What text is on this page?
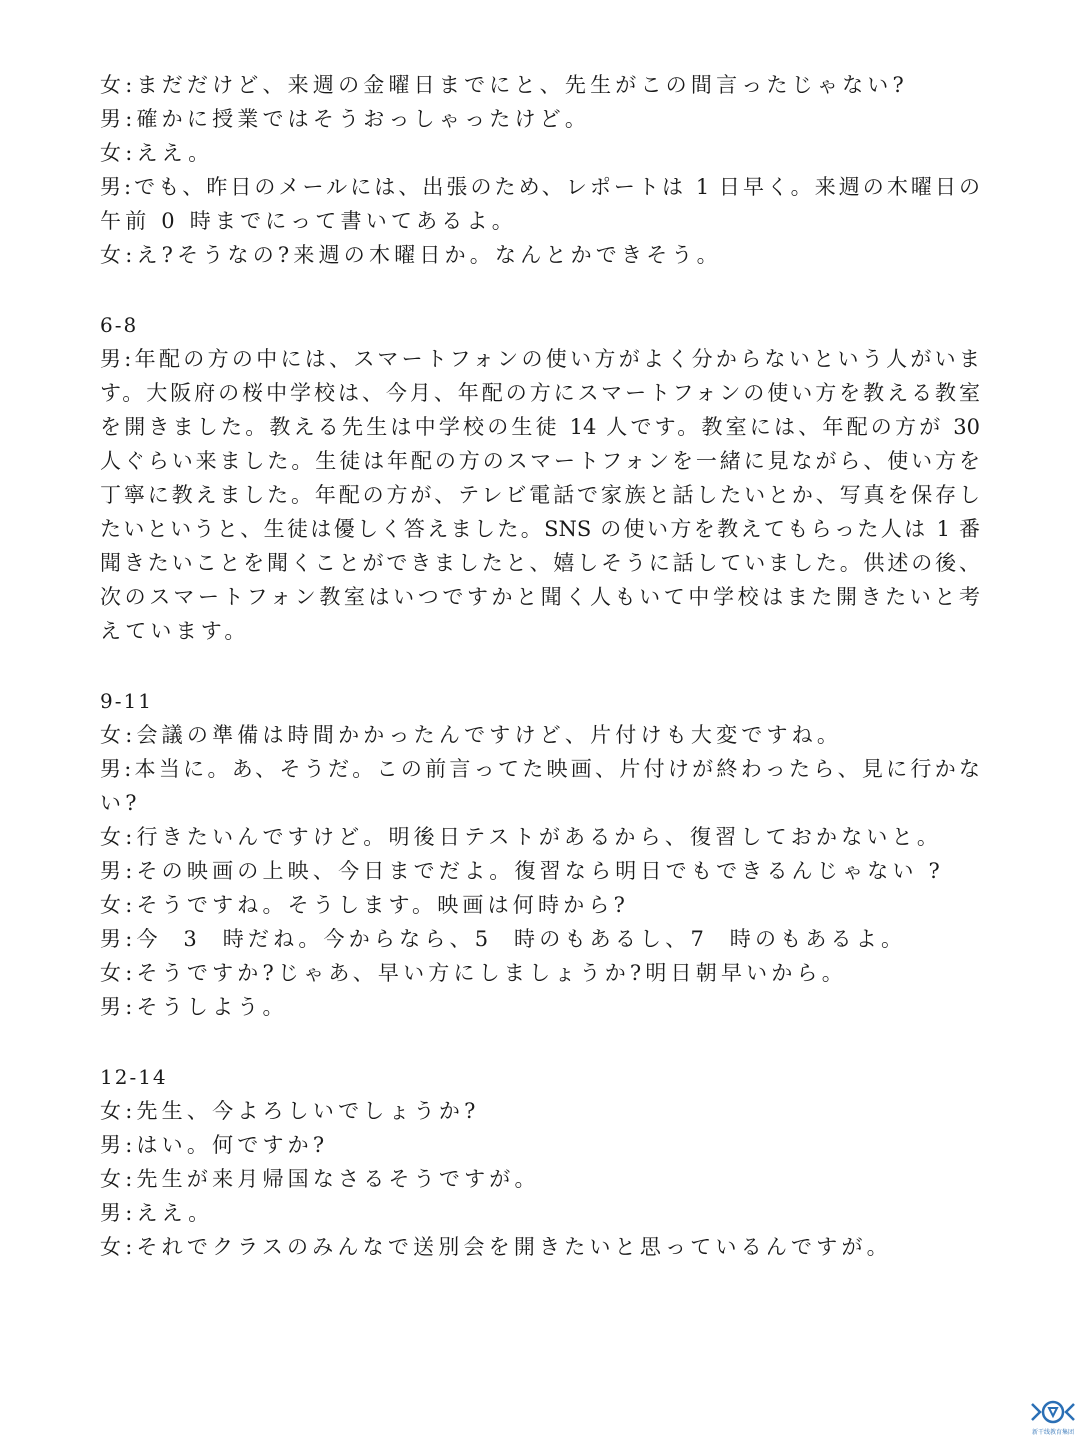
女:まだだけど、来週の金曜日までにと、先生がこの間言ったじゃない?
男:確かに授業ではそうおっしゃったけど。
女:ええ。
男:でも、昨日のメールには、出張のため、レポートは 1 日早く。来週の木曜日の
午前 0 時までにって書いてあるよ。
女:え?そうなの?来週の木曜日か。なんとかできそう。
6-8
男:年配の方の中には、スマートフォンの使い方がよく分からないという人がいま
す。大阪府の桜中学校は、今月、年配の方にスマートフォンの使い方を教える教室
を開きました。教える先生は中学校の生徒 14 人です。教室には、年配の方が 30
人ぐらい来ました。生徒は年配の方のスマートフォンを一緒に見ながら、使い方を
丁寧に教えました。年配の方が、テレビ電話で家族と話したいとか、写真を保存し
たいというと、生徒は優しく答えました。SNS の使い方を教えてもらった人は 1 番
聞きたいことを聞くことができましたと、嬉しそうに話していました。供述の後、
次のスマートフォン教室はいつですかと聞く人もいて中学校はまた開きたいと考
えています。
9-11
女:会議の準備は時間かかったんですけど、片付けも大変ですね。
男:本当に。あ、そうだ。この前言ってた映画、片付けが終わったら、見に行かな
い?
女:行きたいんですけど。明後日テストがあるから、復習しておかないと。
男:その映画の上映、今日までだよ。復習なら明日でもできるんじゃない ?
女:そうですね。そうします。映画は何時から?
男:今  3  時だね。今からなら、5  時のもあるし、7  時のもあるよ。
女:そうですか?じゃあ、早い方にしましょうか?明日朝早いから。
男:そうしよう。
12-14
女:先生、今よろしいでしょうか?
男:はい。何ですか?
女:先生が来月帰国なさるそうですが。
男:ええ。
女:それでクラスのみんなで送別会を開きたいと思っているんですが。
新干线教育集团
